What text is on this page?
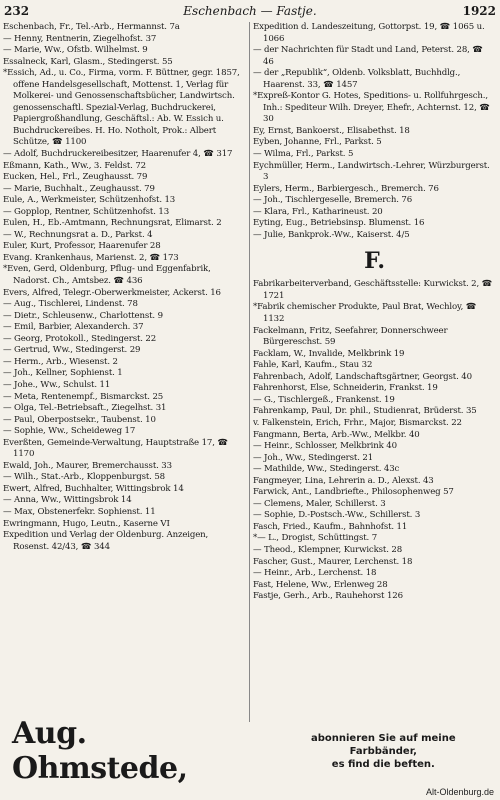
232	Eschenbach — Fastje.	1922
Eschenbach, Fr., Tel.-Arb., Hermannst. 7a
— Henny, Rentnerin, Ziegelhofst. 37
— Marie, Ww., Ofstb. Wilhelmst. 9
Essalneck, Karl, Glasm., Stedingerst. 55
*Essich, Ad., u. Co., Firma, vorm. F. Büttner, gegr. 1857, offene Handelsgesellschaft, Mottenst. 1, Verlag für Molkerei- und Genossenschaftsbücher, Landwirtsch. genossenschaftl. Spezial-Verlag, Buchdruckerei, Papiergroßhandlung, Geschäftsl.: Ab. W. Essich u. Buchdruckereibes. H. Ho. Notholt, Prok.: Albert Schütze, ☎ 1100
— Adolf, Buchdruckereibesitzer, Haarenufer 4, ☎ 317
Eßmann, Kath., Ww., 3. Feldst. 72
Eucken, Hel., Frl., Zeughausst. 79
— Marie, Buchhalt., Zeughausst. 79
Eule, A., Werkmeister, Schützenhofst. 13
— Gopplop, Rentner, Schützenhofst. 13
Eulen, H., Eb.-Amtmann, Rechnungsrat, Elimarst. 2
— W., Rechnungsrat a. D., Parkst. 4
Euler, Kurt, Professor, Haarenufer 28
Evang. Krankenhaus, Marienst. 2, ☎ 173
*Even, Gerd, Oldenburg, Pflug- und Eggenfabrik, Nadorst. Ch., Amtsbez. ☎ 436
Evers, Alfred, Telegr.-Oberwerkmeister, Ackerst. 16
— Aug., Tischlerei, Lindenst. 78
— Dietr., Schleusenw., Charlottenst. 9
— Emil, Barbier, Alexanderch. 37
— Georg, Protokoll., Stedingerst. 22
— Gertrud, Ww., Stedingerst. 29
— Herm., Arb., Wiesenst. 2
— Joh., Kellner, Sophienst. 1
— Johe., Ww., Schulst. 11
— Meta, Rentenempf., Bismarckst. 25
— Olga, Tel.-Betriebsaft., Ziegelhst. 31
— Paul, Oberpostsekr., Taubenst. 10
— Sophie, Ww., Scheideweg 17
Everßten, Gemeinde-Verwaltung, Hauptstraße 17, ☎ 1170
Ewald, Joh., Maurer, Bremerchausst. 33
— Wilh., Stat.-Arb., Kloppenburgst. 58
Ewert, Alfred, Buchhalter, Wittingsbrok 14
— Anna, Ww., Wittingsbrok 14
— Max, Obstenerfekr. Sophienst. 11
Ewringmann, Hugo, Leutn., Kaserne VI
Expedition und Verlag der Oldenburg. Anzeigen, Rosenst. 42/43, ☎ 344
Expedition d. Landeszeitung, Gottorpst. 19, ☎ 1065 u. 1066
— der Nachrichten für Stadt und Land, Peterst. 28, ☎ 46
— der „Republik“, Oldenb. Volksblatt, Buchhdlg., Haarenst. 33, ☎ 1457
*Expreß-Kontor G. Hotes, Speditions- u. Rollfuhrgesch., Inh.: Spediteur Wilh. Dreyer, Ehefr., Achternst. 12, ☎ 30
Ey, Ernst, Bankoerst., Elisabethst. 18
Eyben, Johanne, Frl., Parkst. 5
— Wilma, Frl., Parkst. 5
Eychmüller, Herm., Landwirtsch.-Lehrer, Würzburgerst. 3
Eylers, Herm., Barbiergesch., Bremerch. 76
— Joh., Tischlergeselle, Bremerch. 76
— Klara, Frl., Katharineust. 20
Eyting, Eug., Betriebsinsp. Blumenst. 16
— Julie, Bankprok.-Ww., Kaiserst. 4/5
F.
Fabrikarbeiterverband, Geschäftsstelle: Kurwickst. 2, ☎ 1721
*Fabrik chemischer Produkte, Paul Brat, Wechloy, ☎ 1132
Fackelmann, Fritz, Seefahrer, Donnerschweer Bürgereschst. 59
Facklam, W., Invalide, Melkbrink 19
Fahle, Karl, Kaufm., Stau 32
Fahrenbach, Adolf, Landschaftsgärtner, Georgst. 40
Fahrenhorst, Else, Schneiderin, Frankst. 19
— G., Tischlergeß., Frankenst. 19
Fahrenkamp, Paul, Dr. phil., Studienrat, Brüderst. 35
v. Falkenstein, Erich, Frhr., Major, Bismarckst. 22
Fangmann, Berta, Arb.-Ww., Melkbr. 40
— Heinr., Schlosser, Melkbrink 40
— Joh., Ww., Stedingerst. 21
— Mathilde, Ww., Stedingerst. 43c
Fangmeyer, Lina, Lehrerin a. D., Alexst. 43
Farwick, Ant., Landbriefte., Philosophenweg 57
— Clemens, Maler, Schillerst. 3
— Sophie, D.-Postsch.-Ww., Schillerst. 3
Fasch, Fried., Kaufm., Bahnhofst. 11
*— L., Drogist, Schüttingst. 7
— Theod., Klempner, Kurwickst. 28
Fascher, Gust., Maurer, Lerchenst. 18
— Heinr., Arb., Lerchenst. 18
Fast, Helene, Ww., Erlenweg 28
Fastje, Gerh., Arb., Rauhehorst 126
Aug. Ohmstede,
abonnieren Sie auf meine Farbbänder,
es find die beften.
Alt-Oldenburg.de
